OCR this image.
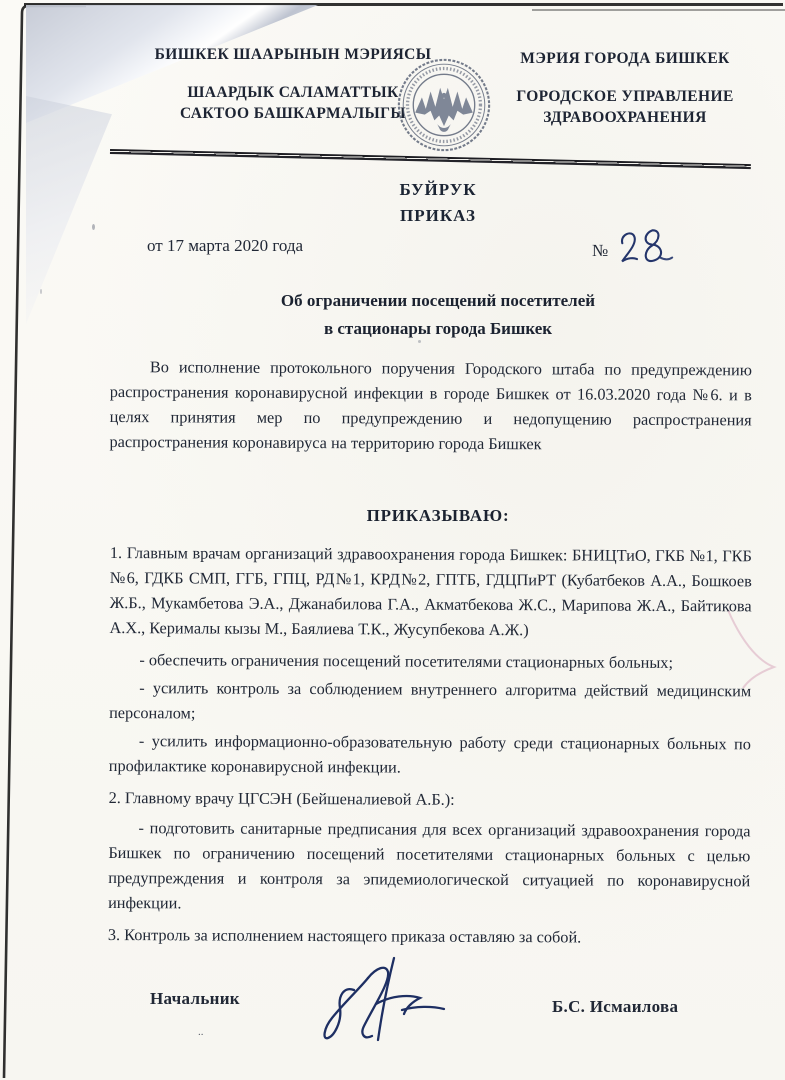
БИШКЕК ШААРЫНЫН МЭРИЯСЫ
ШААРДЫК САЛАМАТТЫК
САКТОО БАШКАРМАЛЫГЫ
МЭРИЯ ГОРОДА БИШКЕК
ГОРОДСКОЕ УПРАВЛЕНИЕ
ЗДРАВООХРАНЕНИЯ
БУЙРУК
ПРИКАЗ
от 17 марта 2020 года	№
Об ограничении посещений посетителей
в стационары города Бишкек

Во исполнение протокольного поручения Городского штаба по предупреждению распространения коронавирусной инфекции в городе Бишкек от 16.03.2020 года №6. и в целях принятия мер по предупреждению и недопущению распространения распространения коронавируса на территорию города Бишкек

ПРИКАЗЫВАЮ:

1. Главным врачам организаций здравоохранения города Бишкек: БНИЦТиО, ГКБ №1, ГКБ №6, ГДКБ СМП, ГГБ, ГПЦ, РД№1, КРД№2, ГПТБ, ГДЦПиРТ (Кубатбеков А.А., Бошкоев Ж.Б., Мукамбетова Э.А., Джанабилова Г.А., Акматбекова Ж.С., Марипова Ж.А., Байтикова А.Х., Керималы кызы М., Баялиева Т.К., Жусупбекова А.Ж.)

- обеспечить ограничения посещений посетителями стационарных больных;

- усилить контроль за соблюдением внутреннего алгоритма действий медицинским персоналом;

- усилить информационно-образовательную работу среди стационарных больных по профилактике коронавирусной инфекции.

2. Главному врачу ЦГСЭН (Бейшеналиевой А.Б.):

- подготовить санитарные предписания для всех организаций здравоохранения города Бишкек по ограничению посещений посетителями стационарных больных с целью предупреждения и контроля за эпидемиологической ситуацией по коронавирусной инфекции.

3. Контроль за исполнением настоящего приказа оставляю за собой.

Начальник	Б.С. Исмаилова
..
